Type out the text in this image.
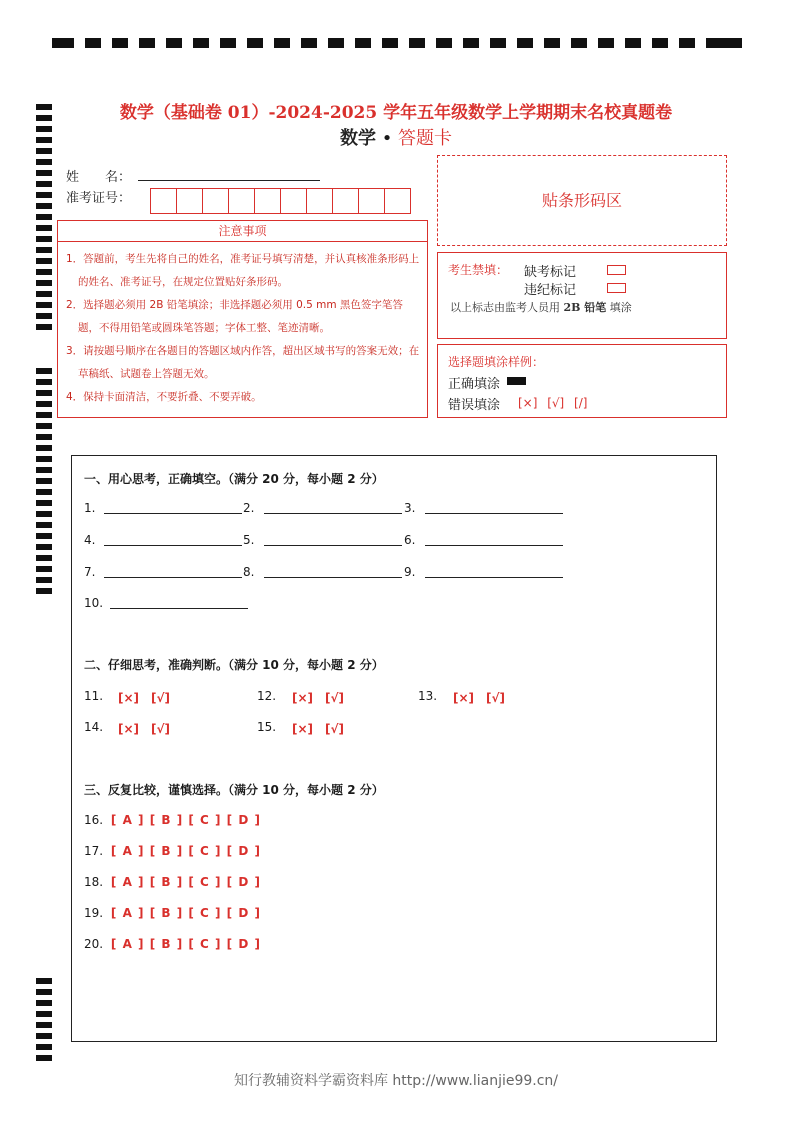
数学（基础卷 01）-2024-2025 学年五年级数学上学期期末名校真题卷
数学 • 答题卡
姓　　名：
准考证号：	贴条形码区
注意事项
1．答题前，考生先将自己的姓名，准考证号填写清楚，并认真核准条形码上的姓名、准考证号，在规定位置贴好条形码。
2．选择题必须用 2B 铅笔填涂；非选择题必须用 0.5 mm 黑色签字笔答题，不得用铅笔或圆珠笔答题；字体工整、笔迹清晰。
3．请按题号顺序在各题目的答题区域内作答，超出区域书写的答案无效；在草稿纸、试题卷上答题无效。
4．保持卡面清洁，不要折叠、不要弄破。
考生禁填： 缺考标记
违纪标记
以上标志由监考人员用 2B 铅笔 填涂
选择题填涂样例：
正确填涂
错误填涂 [×] [√] [/]
一、用心思考，正确填空。（满分 20 分，每小题 2 分）
1.	2.	3.
4.	5.	6.
7.	8.	9.
10.
二、仔细思考，准确判断。（满分 10 分，每小题 2 分）
11. [×]　[√]	12. [×]　[√]	13. [×]　[√]
14. [×]　[√]	15. [×]　[√]
三、反复比较，谨慎选择。（满分 10 分，每小题 2 分）
16. [ A ] [ B ] [ C ] [ D ]
17. [ A ] [ B ] [ C ] [ D ]
18. [ A ] [ B ] [ C ] [ D ]
19. [ A ] [ B ] [ C ] [ D ]
20. [ A ] [ B ] [ C ] [ D ]
知行教辅资料学霸资料库 http://www.lianjie99.cn/
